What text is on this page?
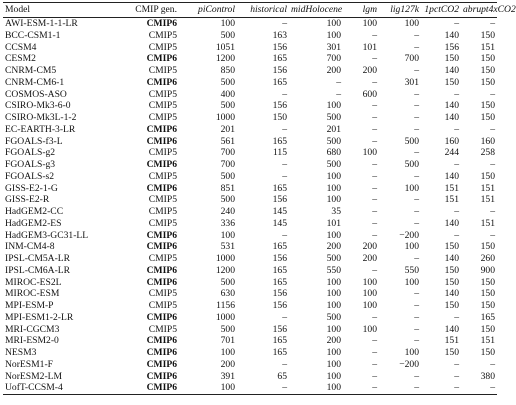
Model	CMIP gen.	piControl	historical	midHolocene	lgm	lig127k	1pctCO2	abrupt4xCO2
AWI-ESM-1-1-LR	CMIP6	100	–	100	100	100	–	–
BCC-CSM1-1	CMIP5	500	163	100	–	–	140	150
CCSM4	CMIP5	1051	156	301	101	–	156	151
CESM2	CMIP6	1200	165	700	–	700	150	150
CNRM-CM5	CMIP5	850	156	200	200	–	140	150
CNRM-CM6-1	CMIP6	500	165	–	–	301	150	150
COSMOS-ASO	CMIP5	400	–	–	600	–	–	–
CSIRO-Mk3-6-0	CMIP5	500	156	100	–	–	140	150
CSIRO-Mk3L-1-2	CMIP5	1000	150	500	–	–	140	150
EC-EARTH-3-LR	CMIP6	201	–	201	–	–	–	–
FGOALS-f3-L	CMIP6	561	165	500	–	500	160	160
FGOALS-g2	CMIP5	700	115	680	100	–	244	258
FGOALS-g3	CMIP6	700	–	500	–	500	–	–
FGOALS-s2	CMIP5	500	–	100	–	–	140	150
GISS-E2-1-G	CMIP6	851	165	100	–	100	151	151
GISS-E2-R	CMIP5	500	156	100	–	–	151	151
HadGEM2-CC	CMIP5	240	145	35	–	–	–	–
HadGEM2-ES	CMIP5	336	145	101	–	–	140	151
HadGEM3-GC31-LL	CMIP6	100	–	100	–	−200	–	–
INM-CM4-8	CMIP6	531	165	200	200	100	150	150
IPSL-CM5A-LR	CMIP5	1000	156	500	200	–	140	260
IPSL-CM6A-LR	CMIP6	1200	165	550	–	550	150	900
MIROC-ES2L	CMIP6	500	165	100	100	100	150	150
MIROC-ESM	CMIP5	630	156	100	100	–	140	150
MPI-ESM-P	CMIP5	1156	156	100	100	–	150	150
MPI-ESM1-2-LR	CMIP6	1000	–	500	–	–	–	165
MRI-CGCM3	CMIP5	500	156	100	100	–	140	150
MRI-ESM2-0	CMIP6	701	165	200	–	–	151	151
NESM3	CMIP6	100	165	100	–	100	150	150
NorESM1-F	CMIP6	200	–	100	–	−200	–	–
NorESM2-LM	CMIP6	391	65	100	–	–	–	380
UofT-CCSM-4	CMIP6	100	–	100	–	–	–	–
